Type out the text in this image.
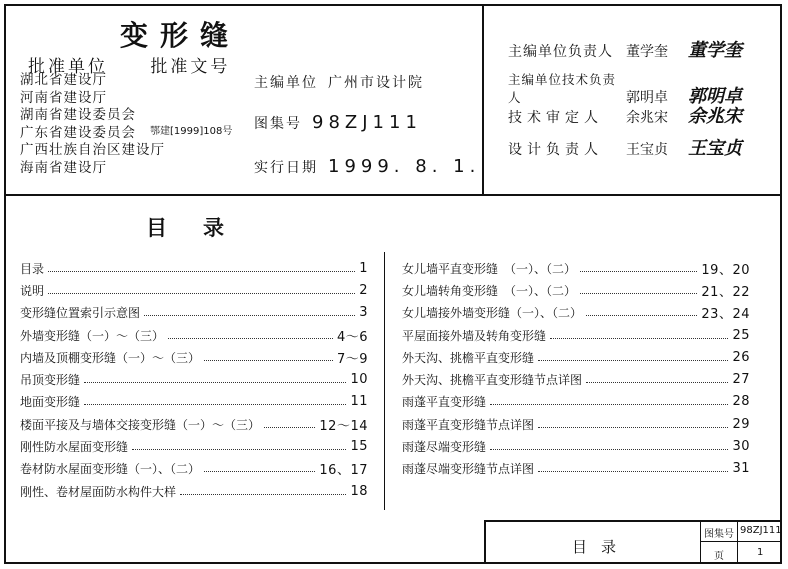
变形缝
批准单位 批准文号
湖北省建设厅
河南省建设厅
湖南省建设委员会
广东省建设委员会
广西壮族自治区建设厅
海南省建设厅
鄂建[1999]108号
主编单位 广州市设计院
图集号 98ZJ111
实行日期 1999. 8. 1.
主编单位负责人 董学奎 董学奎
主编单位技术负责人	郭明卓 郭明卓
技术审定人 余兆宋 余兆宋
设计负责人 王宝贞 王宝贞
目录
目录	1
说明	2
变形缝位置索引示意图	3
外墙变形缝（一）～（三）	4～6
内墙及顶棚变形缝（一）～（三）	7～9
吊顶变形缝	10
地面变形缝	11
楼面平接及与墙体交接变形缝（一）～（三）	12～14
刚性防水屋面变形缝	15
卷材防水屋面变形缝（一）、（二）	16、17
刚性、卷材屋面防水构件大样	18
女儿墙平直变形缝　（一）、（二）	19、20
女儿墙转角变形缝　（一）、（二）	21、22
女儿墙接外墙变形缝（一）、（二）	23、24
平屋面接外墙及转角变形缝	25
外天沟、挑檐平直变形缝	26
外天沟、挑檐平直变形缝节点详图	27
雨蓬平直变形缝	28
雨蓬平直变形缝节点详图	29
雨蓬尽端变形缝	30
雨蓬尽端变形缝节点详图	31
目录
图集号 98ZJ111
页	1
